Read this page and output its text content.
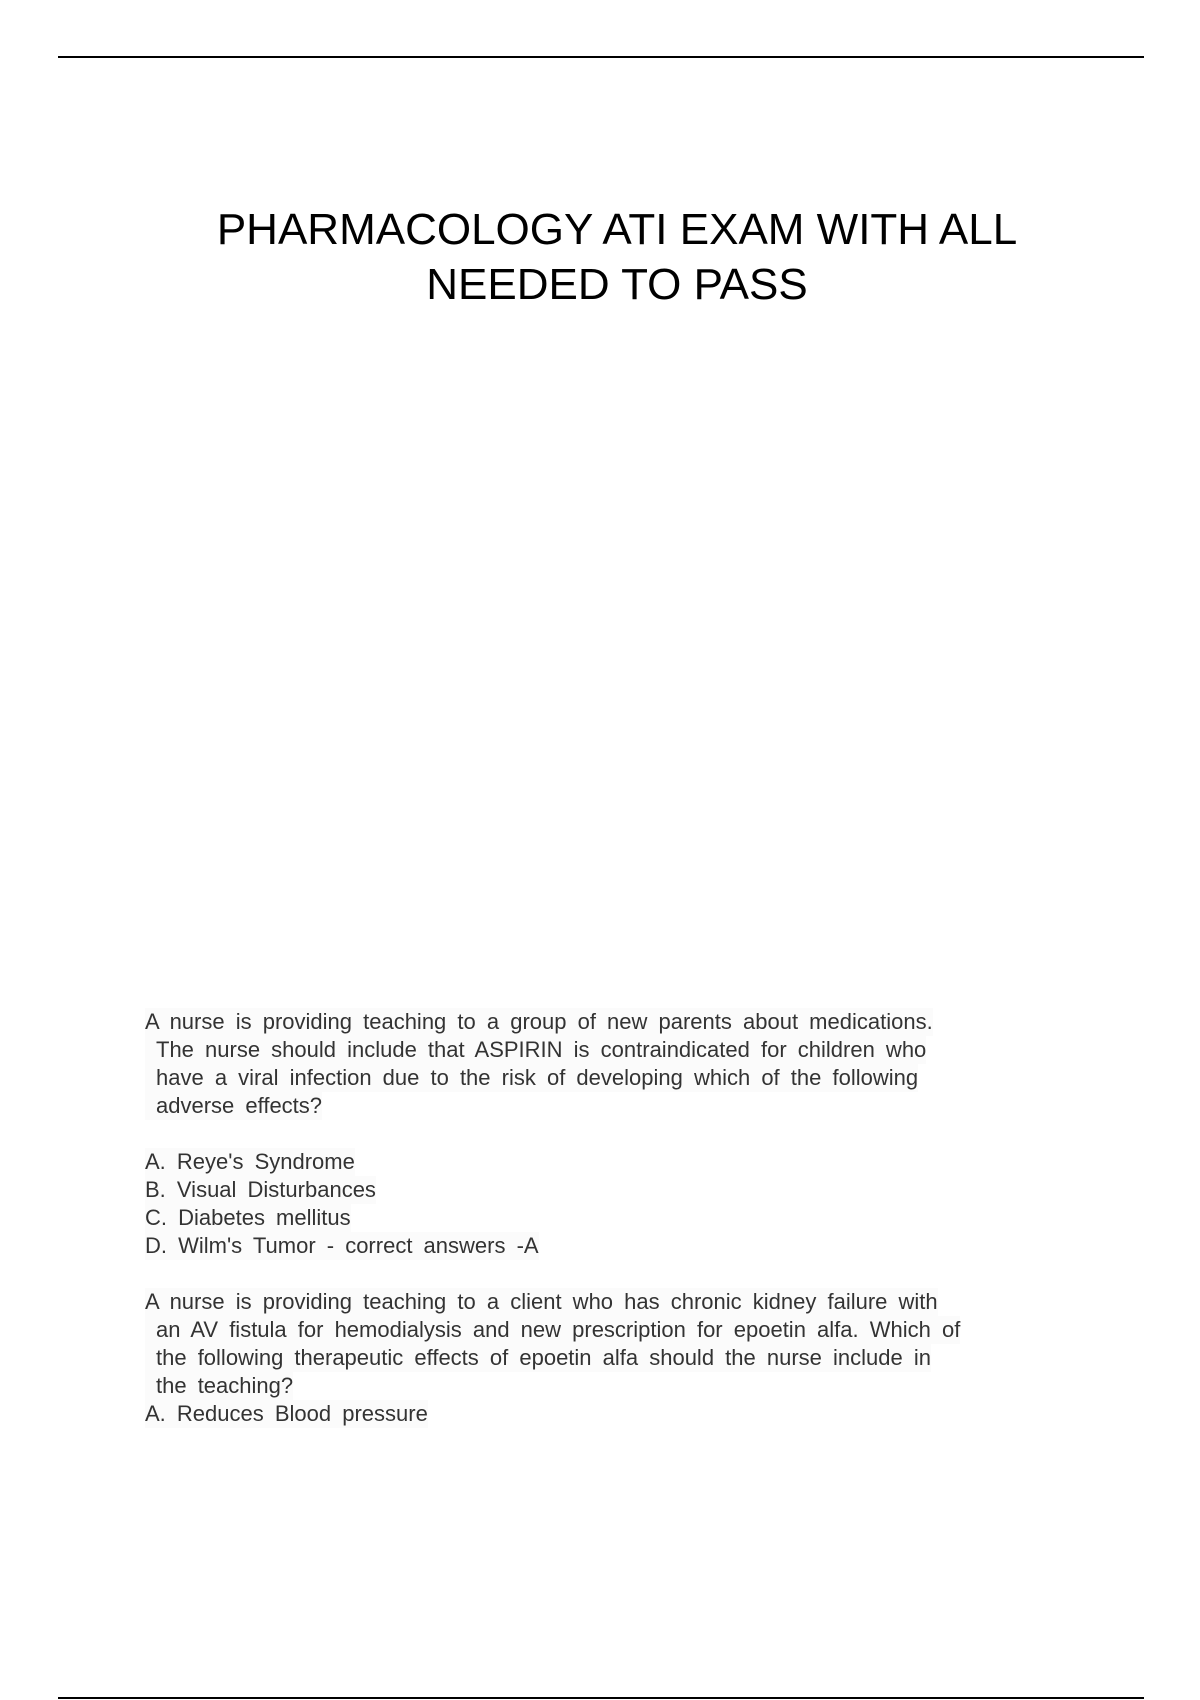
PHARMACOLOGY ATI EXAM WITH ALL
NEEDED TO PASS
A nurse is providing teaching to a group of new parents about medications.
The nurse should include that ASPIRIN is contraindicated for children who
have a viral infection due to the risk of developing which of the following
adverse effects?
A. Reye's Syndrome
B. Visual Disturbances
C. Diabetes mellitus
D. Wilm's Tumor - correct answers -A
A nurse is providing teaching to a client who has chronic kidney failure with
an AV fistula for hemodialysis and new prescription for epoetin alfa. Which of
the following therapeutic effects of epoetin alfa should the nurse include in
the teaching?
A. Reduces Blood pressure
